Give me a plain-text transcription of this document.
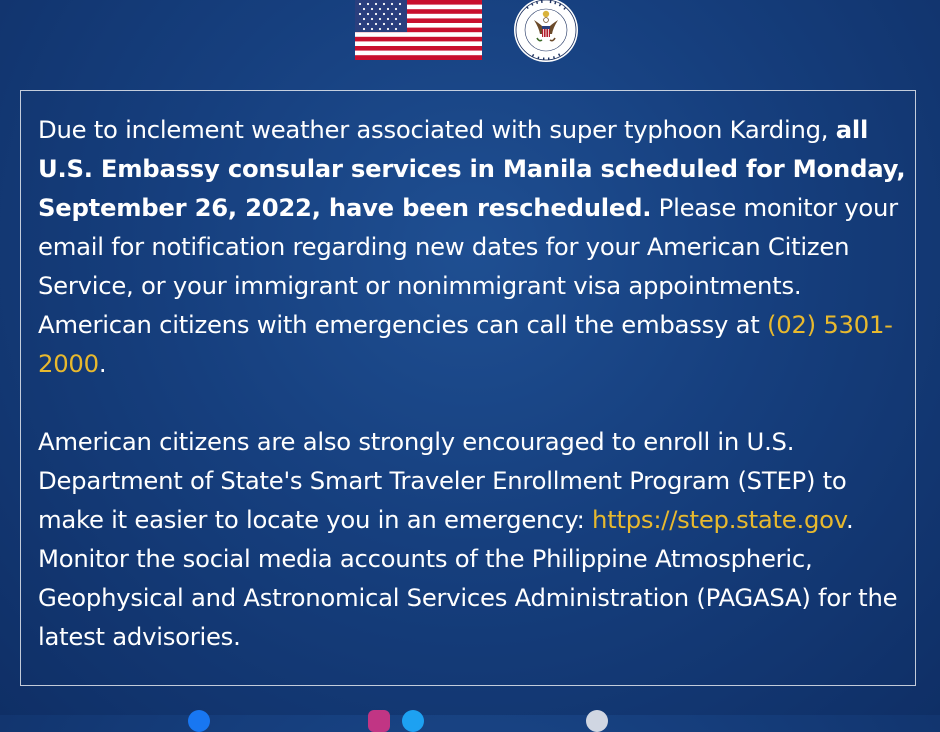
Due to inclement weather associated with super typhoon Karding, all U.S. Embassy consular services in Manila scheduled for Monday, September 26, 2022, have been rescheduled. Please monitor your email for notification regarding new dates for your American Citizen Service, or your immigrant or nonimmigrant visa appointments. American citizens with emergencies can call the embassy at (02) 5301-2000.

American citizens are also strongly encouraged to enroll in U.S. Department of State's Smart Traveler Enrollment Program (STEP) to make it easier to locate you in an emergency: https://step.state.gov. Monitor the social media accounts of the Philippine Atmospheric, Geophysical and Astronomical Services Administration (PAGASA) for the latest advisories.
